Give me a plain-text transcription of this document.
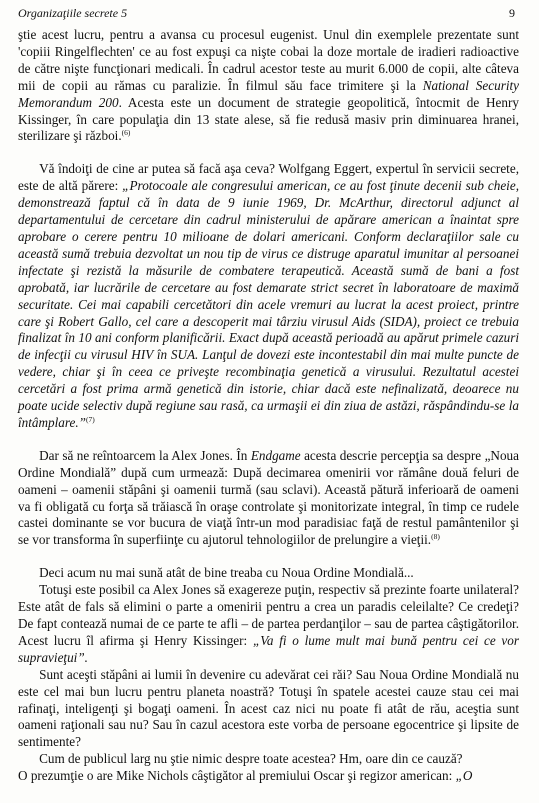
Organizaţiile secrete 5	9

ştie acest lucru, pentru a avansa cu procesul eugenist. Unul din exemplele prezentate sunt 'copiii Ringelflechten' ce au fost expuşi ca nişte cobai la doze mortale de iradieri radioactive de către nişte funcţionari medicali. În cadrul acestor teste au murit 6.000 de copii, alte câteva mii de copii au rămas cu paralizie. În filmul său face trimitere şi la National Security Memorandum 200. Acesta este un document de strategie geopolitică, întocmit de Henry Kissinger, în care populaţia din 13 state alese, să fie redusă masiv prin diminuarea hranei, sterilizare şi război.$^{(6)}$

Vă îndoiţi de cine ar putea să facă aşa ceva? Wolfgang Eggert, expertul în servicii secrete, este de altă părere: „Protocoale ale congresului american, ce au fost ţinute decenii sub cheie, demonstrează faptul că în data de 9 iunie 1969, Dr. McArthur, directorul adjunct al departamentului de cercetare din cadrul ministerului de apărare american a înaintat spre aprobare o cerere pentru 10 milioane de dolari americani. Conform declaraţiilor sale cu această sumă trebuia dezvoltat un nou tip de virus ce distruge aparatul imunitar al persoanei infectate şi rezistă la măsurile de combatere terapeutică. Această sumă de bani a fost aprobată, iar lucrările de cercetare au fost demarate strict secret în laboratoare de maximă securitate. Cei mai capabili cercetători din acele vremuri au lucrat la acest proiect, printre care şi Robert Gallo, cel care a descoperit mai târziu virusul Aids (SIDA), proiect ce trebuia finalizat în 10 ani conform planificării. Exact după această perioadă au apărut primele cazuri de infecţii cu virusul HIV în SUA. Lanţul de dovezi este incontestabil din mai multe puncte de vedere, chiar şi în ceea ce priveşte recombinaţia genetică a virusului. Rezultatul acestei cercetări a fost prima armă genetică din istorie, chiar dacă este nefinalizată, deoarece nu poate ucide selectiv după regiune sau rasă, ca urmaşii ei din ziua de astăzi, răspândindu-se la întâmplare.”$^{(7)}$

Dar să ne reîntoarcem la Alex Jones. În Endgame acesta descrie percepţia sa despre „Noua Ordine Mondială” după cum urmează: După decimarea omenirii vor rămâne două feluri de oameni – oamenii stăpâni şi oamenii turmă (sau sclavi). Această pătură inferioară de oameni va fi obligată cu forţa să trăiască în oraşe controlate şi monitorizate integral, în timp ce rudele castei dominante se vor bucura de viaţă într-un mod paradisiac faţă de restul pamântenilor şi se vor transforma în superfiinţe cu ajutorul tehnologiilor de prelungire a vieţii.$^{(8)}$

Deci acum nu mai sună atât de bine treaba cu Noua Ordine Mondială...

Totuşi este posibil ca Alex Jones să exagereze puţin, respectiv să prezinte foarte unilateral? Este atât de fals să elimini o parte a omenirii pentru a crea un paradis celeilalte? Ce credeţi? De fapt contează numai de ce parte te afli – de partea perdanţilor – sau de partea câştigătorilor. Acest lucru îl afirma şi Henry Kissinger: „Va fi o lume mult mai bună pentru cei ce vor supravieţui”.

Sunt aceşti stăpâni ai lumii în devenire cu adevărat cei răi? Sau Noua Ordine Mondială nu este cel mai bun lucru pentru planeta noastră? Totuşi în spatele acestei cauze stau cei mai rafinaţi, inteligenţi şi bogaţi oameni. În acest caz nici nu poate fi atât de rău, aceştia sunt oameni raţionali sau nu? Sau în cazul acestora este vorba de persoane egocentrice şi lipsite de sentimente?

Cum de publicul larg nu ştie nimic despre toate acestea? Hm, oare din ce cauză?

O prezumţie o are Mike Nichols câştigător al premiului Oscar şi regizor american: „O
